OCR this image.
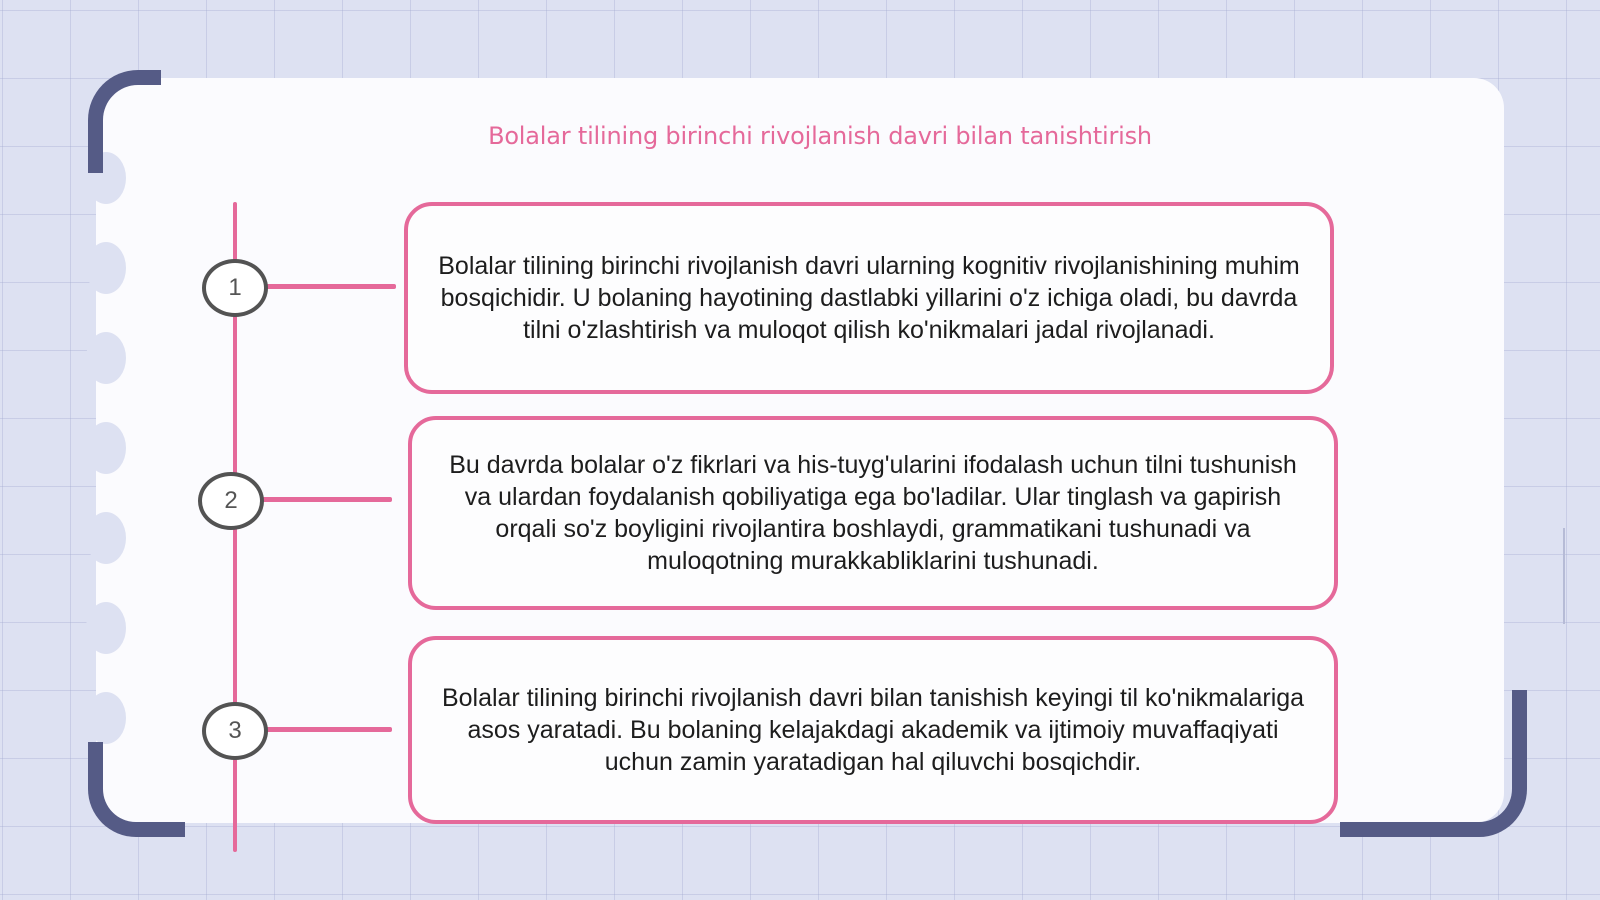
Bolalar tilining birinchi rivojlanish davri bilan tanishtirish
1
2
3
Bolalar tilining birinchi rivojlanish davri ularning kognitiv rivojlanishining muhim bosqichidir. U bolaning hayotining dastlabki yillarini o'z ichiga oladi, bu davrda tilni o'zlashtirish va muloqot qilish ko'nikmalari jadal rivojlanadi.
Bu davrda bolalar o'z fikrlari va his-tuyg'ularini ifodalash uchun tilni tushunish va ulardan foydalanish qobiliyatiga ega bo'ladilar. Ular tinglash va gapirish orqali so'z boyligini rivojlantira boshlaydi, grammatikani tushunadi va muloqotning murakkabliklarini tushunadi.
Bolalar tilining birinchi rivojlanish davri bilan tanishish keyingi til ko'nikmalariga asos yaratadi. Bu bolaning kelajakdagi akademik va ijtimoiy muvaffaqiyati uchun zamin yaratadigan hal qiluvchi bosqichdir.
